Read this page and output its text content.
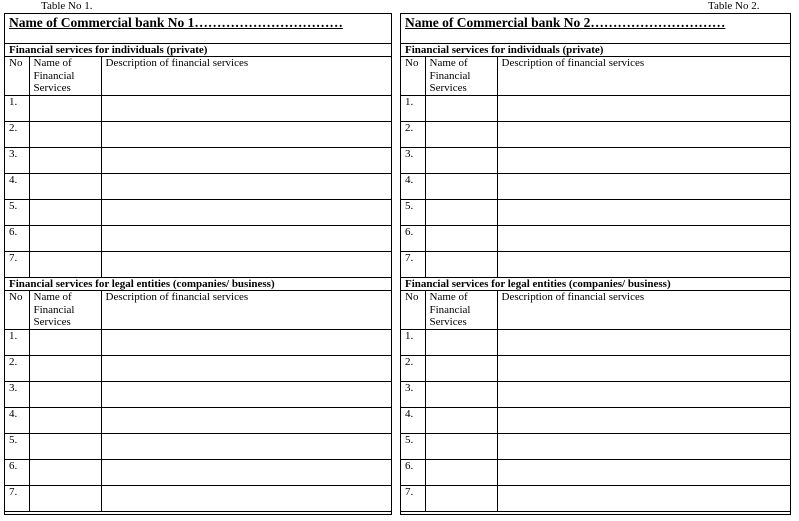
Table No 1.	Table No 2.
Name of Commercial bank No 1……………………………		
Financial services for individuals (private)		
No	Name of Financial Services	Description of financial services
1.		
2.		
3.		
4.		
5.		
6.		
7.		
Financial services for legal entities (companies/ business)		
No	Name of Financial Services	Description of financial services
1.		
2.		
3.		
4.		
5.		
6.		
7.		
Name of Commercial bank No 2…………………………		
Financial services for individuals (private)		
No	Name of Financial Services	Description of financial services
1.		
2.		
3.		
4.		
5.		
6.		
7.		
Financial services for legal entities (companies/ business)		
No	Name of Financial Services	Description of financial services
1.		
2.		
3.		
4.		
5.		
6.		
7.		
